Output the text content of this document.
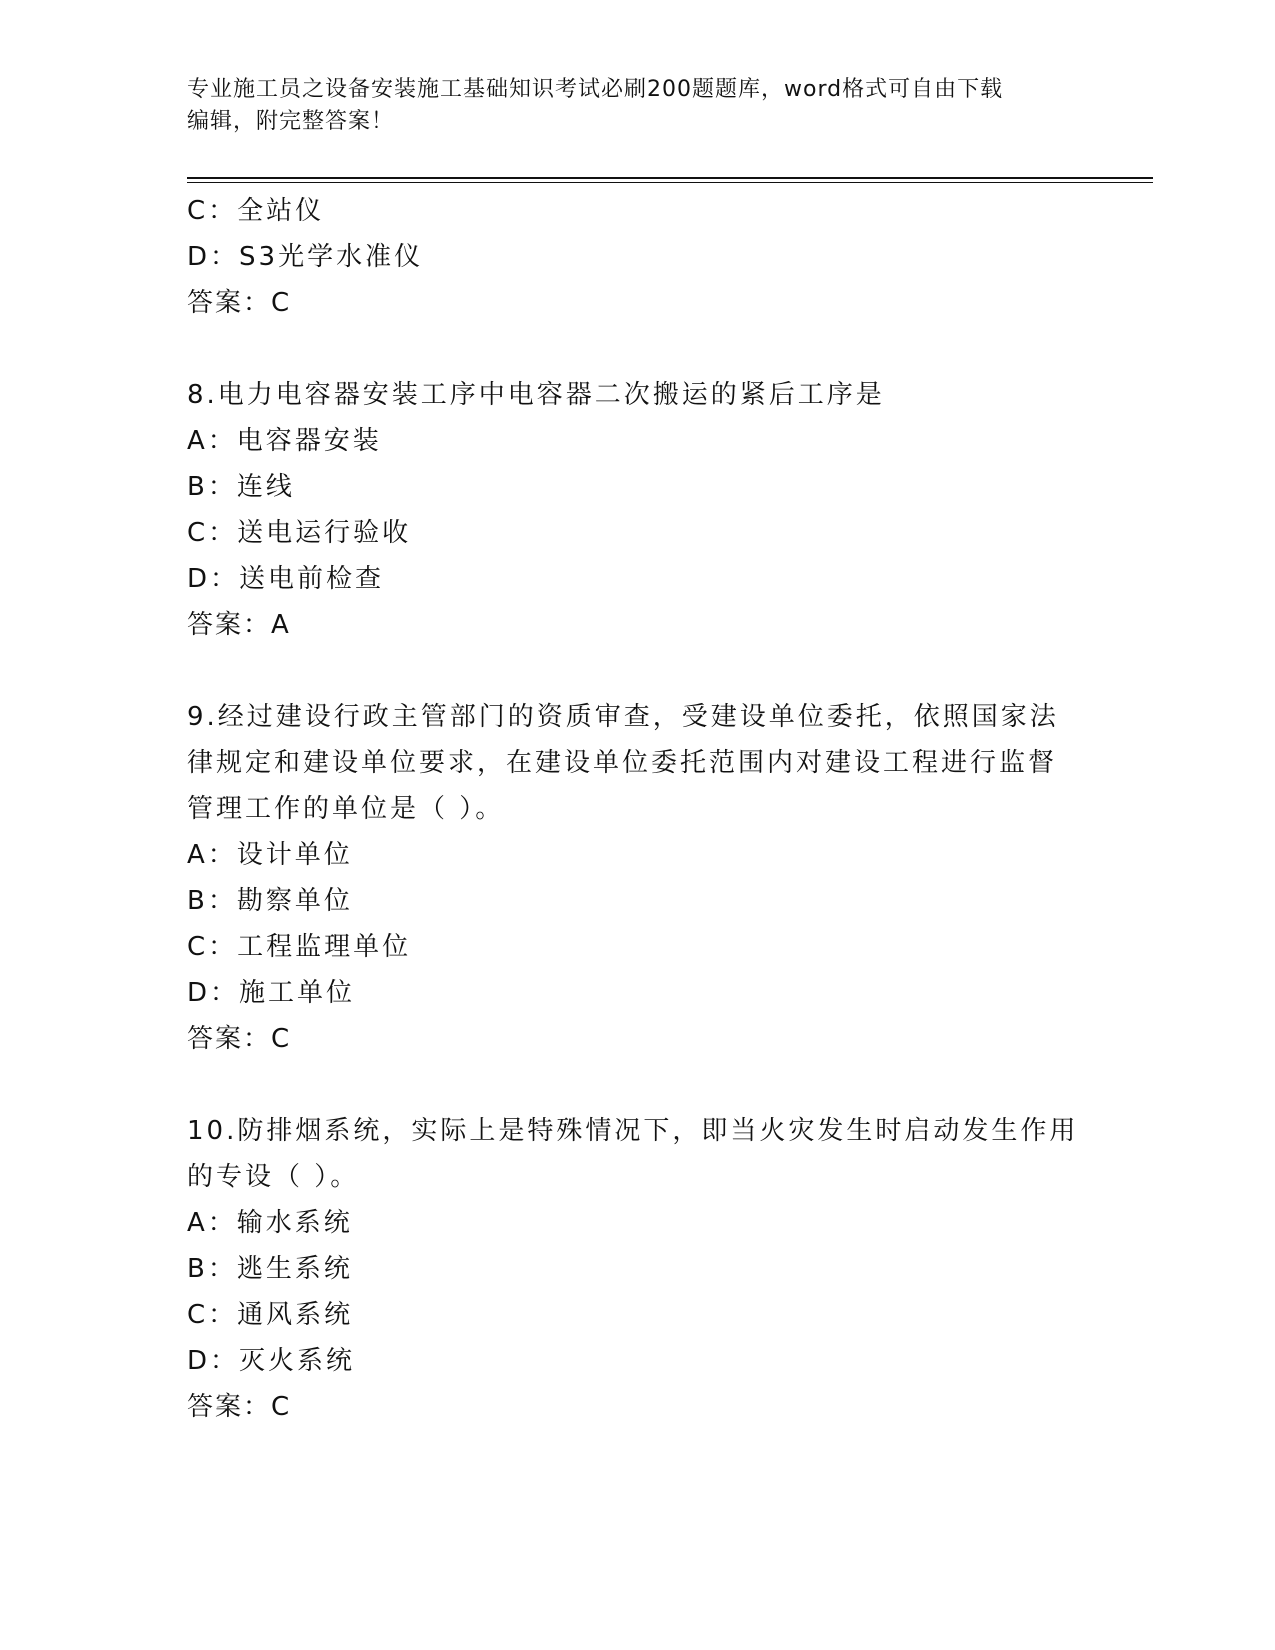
专业施工员之设备安装施工基础知识考试必刷200题题库，word格式可自由下载
编辑，附完整答案！
C：全站仪
D：S3光学水准仪
答案：C
8.电力电容器安装工序中电容器二次搬运的紧后工序是
A：电容器安装
B：连线
C：送电运行验收
D：送电前检查
答案：A
9.经过建设行政主管部门的资质审查，受建设单位委托，依照国家法
律规定和建设单位要求，在建设单位委托范围内对建设工程进行监督
管理工作的单位是（ ）。
A：设计单位
B：勘察单位
C：工程监理单位
D：施工单位
答案：C
10.防排烟系统，实际上是特殊情况下，即当火灾发生时启动发生作用
的专设（ ）。
A：输水系统
B：逃生系统
C：通风系统
D：灭火系统
答案：C
